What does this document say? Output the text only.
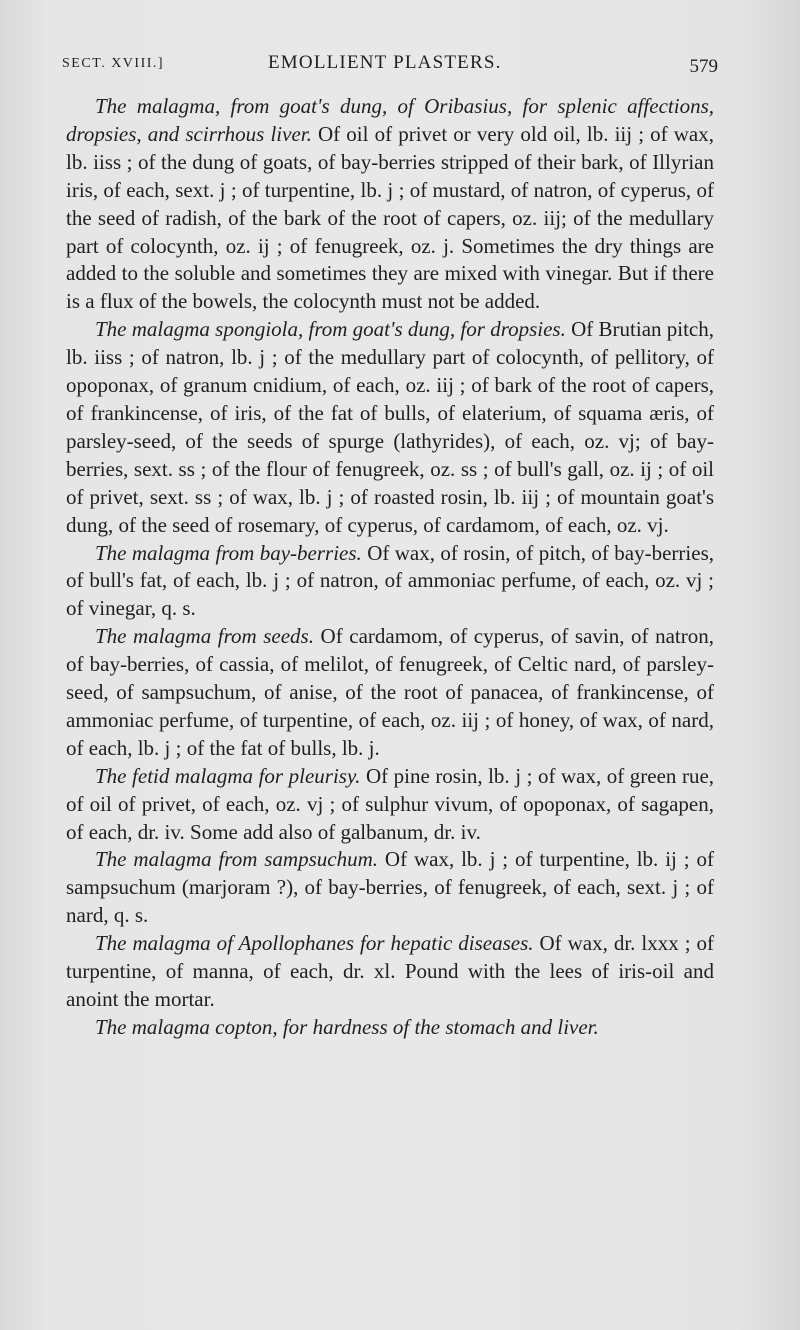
SECT. XVIII.]	EMOLLIENT PLASTERS.	579

The malagma, from goat's dung, of Oribasius, for splenic affections, dropsies, and scirrhous liver. Of oil of privet or very old oil, lb. iij ; of wax, lb. iiss ; of the dung of goats, of bay-berries stripped of their bark, of Illyrian iris, of each, sext. j ; of turpentine, lb. j ; of mustard, of natron, of cyperus, of the seed of radish, of the bark of the root of capers, oz. iij; of the medullary part of colocynth, oz. ij ; of fenugreek, oz. j. Sometimes the dry things are added to the soluble and sometimes they are mixed with vinegar. But if there is a flux of the bowels, the colocynth must not be added.

The malagma spongiola, from goat's dung, for dropsies. Of Brutian pitch, lb. iiss ; of natron, lb. j ; of the medullary part of colocynth, of pellitory, of opoponax, of granum cnidium, of each, oz. iij ; of bark of the root of capers, of frankincense, of iris, of the fat of bulls, of elaterium, of squama æris, of parsley-seed, of the seeds of spurge (lathyrides), of each, oz. vj; of bay-berries, sext. ss ; of the flour of fenugreek, oz. ss ; of bull's gall, oz. ij ; of oil of privet, sext. ss ; of wax, lb. j ; of roasted rosin, lb. iij ; of mountain goat's dung, of the seed of rosemary, of cyperus, of cardamom, of each, oz. vj.

The malagma from bay-berries. Of wax, of rosin, of pitch, of bay-berries, of bull's fat, of each, lb. j ; of natron, of ammoniac perfume, of each, oz. vj ; of vinegar, q. s.

The malagma from seeds. Of cardamom, of cyperus, of savin, of natron, of bay-berries, of cassia, of melilot, of fenugreek, of Celtic nard, of parsley-seed, of sampsuchum, of anise, of the root of panacea, of frankincense, of ammoniac perfume, of turpentine, of each, oz. iij ; of honey, of wax, of nard, of each, lb. j ; of the fat of bulls, lb. j.

The fetid malagma for pleurisy. Of pine rosin, lb. j ; of wax, of green rue, of oil of privet, of each, oz. vj ; of sulphur vivum, of opoponax, of sagapen, of each, dr. iv. Some add also of galbanum, dr. iv.

The malagma from sampsuchum. Of wax, lb. j ; of turpentine, lb. ij ; of sampsuchum (marjoram ?), of bay-berries, of fenugreek, of each, sext. j ; of nard, q. s.

The malagma of Apollophanes for hepatic diseases. Of wax, dr. lxxx ; of turpentine, of manna, of each, dr. xl. Pound with the lees of iris-oil and anoint the mortar.

The malagma copton, for hardness of the stomach and liver.
